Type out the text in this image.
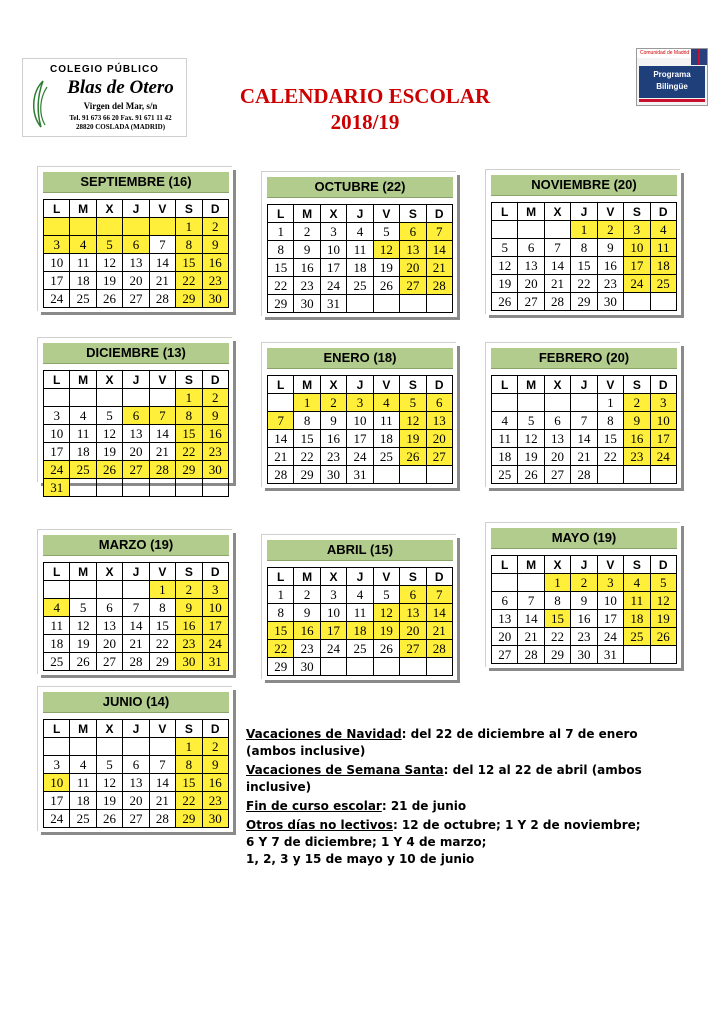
COLEGIO PÚBLICO
Blas de Otero
Virgen del Mar, s/n
Tel. 91 673 66 20 Fax. 91 671 11 42
28820 COSLADA (MADRID)
CALENDARIO ESCOLAR
2018/19
Comunidad de Madrid
Programa
Bilingüe
SEPTIEMBRE (16)
L	M	X	J	V	S	D
					1	2
3	4	5	6	7	8	9
10	11	12	13	14	15	16
17	18	19	20	21	22	23
24	25	26	27	28	29	30
OCTUBRE (22)
L	M	X	J	V	S	D
1	2	3	4	5	6	7
8	9	10	11	12	13	14
15	16	17	18	19	20	21
22	23	24	25	26	27	28
29	30	31				
NOVIEMBRE (20)
L	M	X	J	V	S	D
			1	2	3	4
5	6	7	8	9	10	11
12	13	14	15	16	17	18
19	20	21	22	23	24	25
26	27	28	29	30		
DICIEMBRE (13)
L	M	X	J	V	S	D
					1	2
3	4	5	6	7	8	9
10	11	12	13	14	15	16
17	18	19	20	21	22	23
24	25	26	27	28	29	30
31						
ENERO (18)
L	M	X	J	V	S	D
	1	2	3	4	5	6
7	8	9	10	11	12	13
14	15	16	17	18	19	20
21	22	23	24	25	26	27
28	29	30	31			
FEBRERO (20)
L	M	X	J	V	S	D
				1	2	3
4	5	6	7	8	9	10
11	12	13	14	15	16	17
18	19	20	21	22	23	24
25	26	27	28			
MARZO (19)
L	M	X	J	V	S	D
				1	2	3
4	5	6	7	8	9	10
11	12	13	14	15	16	17
18	19	20	21	22	23	24
25	26	27	28	29	30	31
ABRIL (15)
L	M	X	J	V	S	D
1	2	3	4	5	6	7
8	9	10	11	12	13	14
15	16	17	18	19	20	21
22	23	24	25	26	27	28
29	30					
MAYO (19)
L	M	X	J	V	S	D
		1	2	3	4	5
6	7	8	9	10	11	12
13	14	15	16	17	18	19
20	21	22	23	24	25	26
27	28	29	30	31		
JUNIO (14)
L	M	X	J	V	S	D
					1	2
3	4	5	6	7	8	9
10	11	12	13	14	15	16
17	18	19	20	21	22	23
24	25	26	27	28	29	30

Vacaciones de Navidad: del 22 de diciembre al 7 de enero (ambos inclusive)

Vacaciones de Semana Santa: del 12 al 22 de abril (ambos inclusive)

Fin de curso escolar: 21 de junio

Otros días no lectivos: 12 de octubre; 1 Y 2 de noviembre;

6 Y 7 de diciembre; 1 Y 4 de marzo;

1, 2, 3 y 15 de mayo y 10 de junio
